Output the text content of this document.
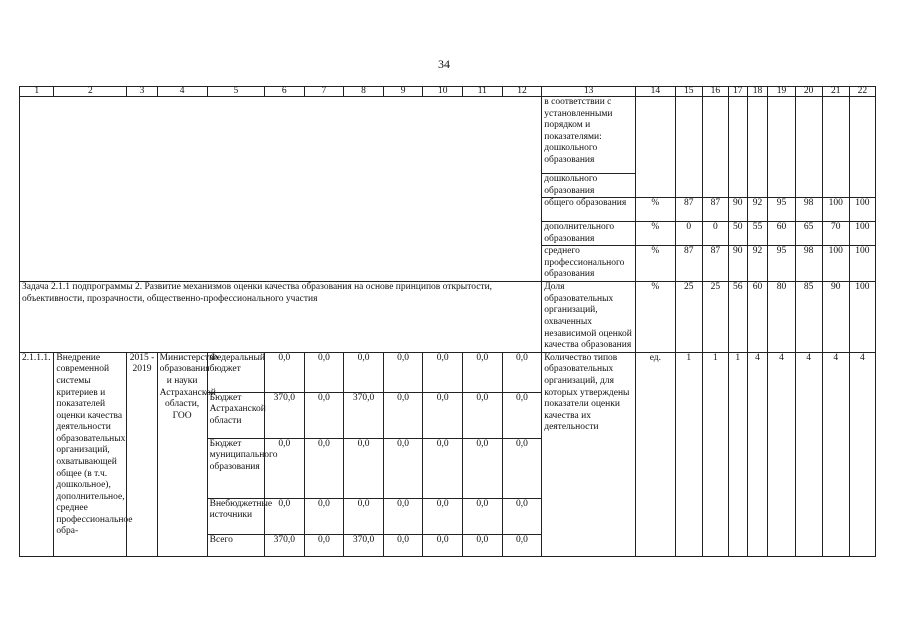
34
1	2	3	4	5	6	7	8	9	10	11	12	13	14	15	16	17	18	19	20	21	22
												в соответствии с установленными порядком и показателями: дошкольного образования									
												дошкольного образования									
												общего образования	%	87	87	90	92	95	98	100	100
												дополнительного образования	%	0	0	50	55	60	65	70	100
												среднего профессионального образования	%	87	87	90	92	95	98	100	100
Задача 2.1.1 подпрограммы 2. Развитие механизмов оценки качества образования на основе принципов открытости, объективности, прозрачности, общественно-профессионального участия												Доля образовательных организаций, охваченных независимой оценкой качества образования	%	25	25	56	60	80	85	90	100
2.1.1.1.	Внедрение современной системы критериев и показателей оценки качества деятельности образовательных организаций, охватывающей общее (в т.ч. дошкольное), дополнительное, среднее профессиональное обра-	2015 - 2019	Министерство образования и науки Астраханской области, ГОО	Федеральный бюджет	0,0	0,0	0,0	0,0	0,0	0,0	0,0	Количество типов образовательных организаций, для которых утверждены показатели оценки качества их деятельности	ед.	1	1	1	4	4	4	4	4
				Бюджет Астраханской области	370,0	0,0	370,0	0,0	0,0	0,0	0,0										
				Бюджет муниципального образования	0,0	0,0	0,0	0,0	0,0	0,0	0,0										
				Внебюджетные источники	0,0	0,0	0,0	0,0	0,0	0,0	0,0										
				Всего	370,0	0,0	370,0	0,0	0,0	0,0	0,0										
